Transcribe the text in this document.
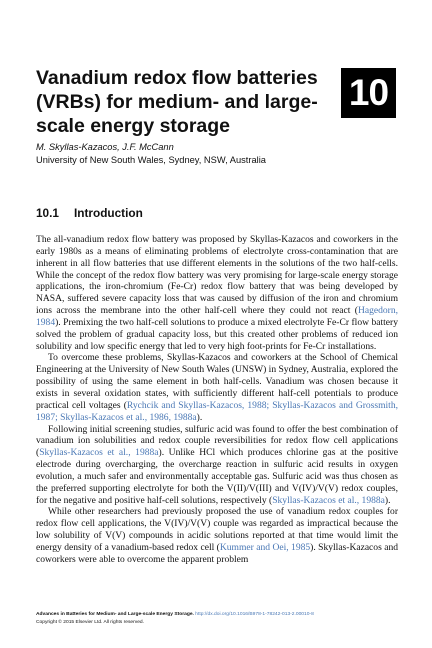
Vanadium redox flow batteries (VRBs) for medium- and large-scale energy storage
10
M. Skyllas-Kazacos, J.F. McCann
University of New South Wales, Sydney, NSW, Australia
10.1 Introduction

The all-vanadium redox flow battery was proposed by Skyllas-Kazacos and coworkers in the early 1980s as a means of eliminating problems of electrolyte cross-contamination that are inherent in all flow batteries that use different elements in the solutions of the two half-cells. While the concept of the redox flow battery was very promising for large-scale energy storage applications, the iron-chromium (Fe-Cr) redox flow battery that was being developed by NASA, suffered severe capacity loss that was caused by diffusion of the iron and chromium ions across the membrane into the other half-cell where they could not react (Hagedorn, 1984). Premixing the two half-cell solutions to produce a mixed electrolyte Fe-Cr flow battery solved the problem of gradual capacity loss, but this created other problems of reduced ion solubility and low specific energy that led to very high foot-prints for Fe-Cr installations.

To overcome these problems, Skyllas-Kazacos and coworkers at the School of Chemical Engineering at the University of New South Wales (UNSW) in Sydney, Australia, explored the possibility of using the same element in both half-cells. Vanadium was chosen because it exists in several oxidation states, with sufficiently different half-cell potentials to produce practical cell voltages (Rychcik and Skyllas-Kazacos, 1988; Skyllas-Kazacos and Grossmith, 1987; Skyllas-Kazacos et al., 1986, 1988a).

Following initial screening studies, sulfuric acid was found to offer the best combination of vanadium ion solubilities and redox couple reversibilities for redox flow cell applications (Skyllas-Kazacos et al., 1988a). Unlike HCl which produces chlorine gas at the positive electrode during overcharging, the overcharge reaction in sulfuric acid results in oxygen evolution, a much safer and environmentally acceptable gas. Sulfuric acid was thus chosen as the preferred supporting electrolyte for both the V(II)/V(III) and V(IV)/V(V) redox couples, for the negative and positive half-cell solutions, respectively (Skyllas-Kazacos et al., 1988a).

While other researchers had previously proposed the use of vanadium redox couples for redox flow cell applications, the V(IV)/V(V) couple was regarded as impractical because the low solubility of V(V) compounds in acidic solutions reported at that time would limit the energy density of a vanadium-based redox cell (Kummer and Oei, 1985). Skyllas-Kazacos and coworkers were able to overcome the apparent problem

Advances in Batteries for Medium- and Large-scale Energy Storage. http://dx.doi.org/10.1016/B978-1-78242-013-2.00010-8
Copyright © 2015 Elsevier Ltd. All rights reserved.
